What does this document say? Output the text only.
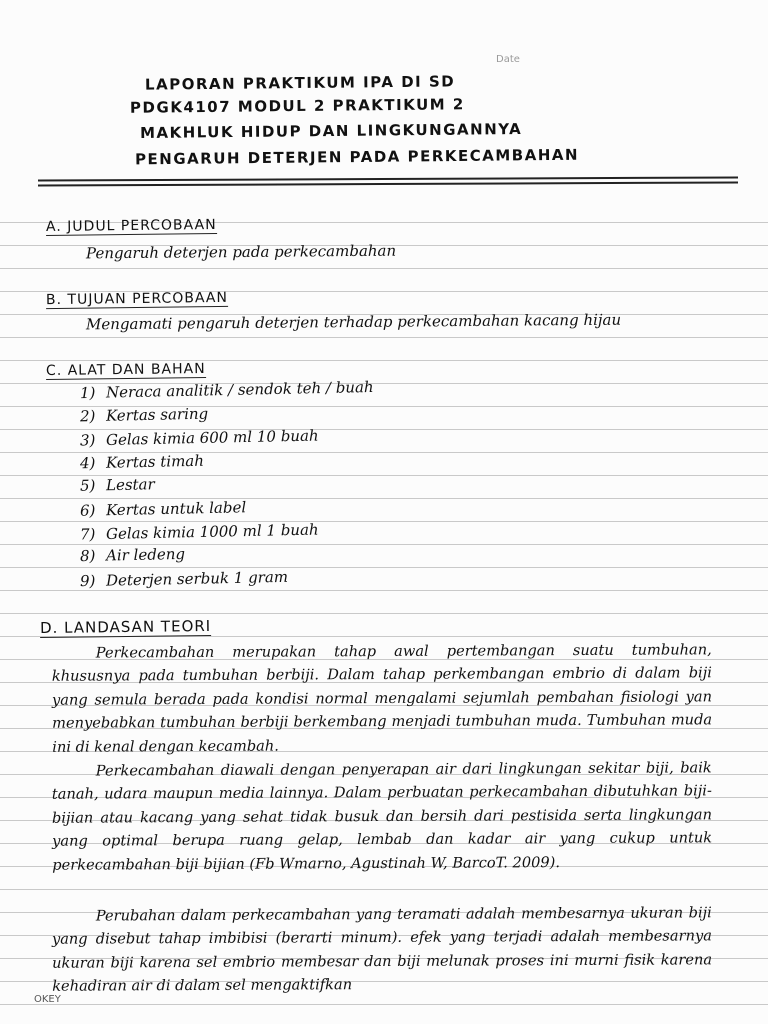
Date
LAPORAN PRAKTIKUM IPA DI SD
PDGK4107 MODUL 2 PRAKTIKUM 2
MAKHLUK HIDUP DAN LINGKUNGANNYA
PENGARUH DETERJEN PADA PERKECAMBAHAN
A. JUDUL PERCOBAAN
Pengaruh deterjen pada perkecambahan
B. TUJUAN PERCOBAAN
Mengamati pengaruh deterjen terhadap perkecambahan kacang hijau
C. ALAT DAN BAHAN
1) Neraca analitik / sendok teh / buah
2) Kertas saring
3) Gelas kimia 600 ml 10 buah
4) Kertas timah
5) Lestar
6) Kertas untuk label
7) Gelas kimia 1000 ml 1 buah
8) Air ledeng
9) Deterjen serbuk 1 gram
D. LANDASAN TEORI
Perkecambahan merupakan tahap awal pertembangan suatu tumbuhan, khususnya pada tumbuhan berbiji. Dalam tahap perkembangan embrio di dalam biji yang semula berada pada kondisi normal mengalami sejumlah pembahan fisiologi yan menyebabkan tumbuhan berbiji berkembang menjadi tumbuhan muda. Tumbuhan muda ini di kenal dengan kecambah.
Perkecambahan diawali dengan penyerapan air dari lingkungan sekitar biji, baik tanah, udara maupun media lainnya. Dalam perbuatan perkecambahan dibutuhkan biji-bijian atau kacang yang sehat tidak busuk dan bersih dari pestisida serta lingkungan yang optimal berupa ruang gelap, lembab dan kadar air yang cukup untuk perkecambahan biji bijian (Fb Wmarno, Agustinah W, BarcoT. 2009).
Perubahan dalam perkecambahan yang teramati adalah membesarnya ukuran biji yang disebut tahap imbibisi (berarti minum). efek yang terjadi adalah membesarnya ukuran biji karena sel embrio membesar dan biji melunak proses ini murni fisik karena kehadiran air di dalam sel mengaktifkan
OKEY
